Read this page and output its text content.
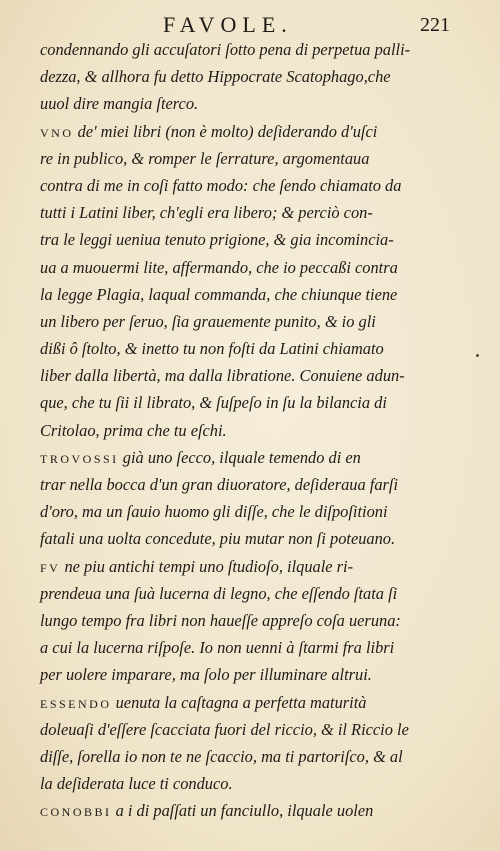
FAVOLE.	221
condennando gli accuſatori ſotto pena di perpetua palli-
dezza, & allhora fu detto Hippocrate Scatophago,che
uuol dire mangia ſterco.
VNO de' miei libri (non è molto) deſiderando d'uſci
re in publico, & romper le ſerrature, argomentaua
contra di me in coſi fatto modo: che ſendo chiamato da
tutti i Latini liber, ch'egli era libero; & perciò con-
tra le leggi ueniua tenuto prigione, & gia incomincia-
ua a muouermi lite, affermando, che io peccaßi contra
la legge Plagia, laqual commanda, che chiunque tiene
un libero per ſeruo, ſia grauemente punito, & io gli
dißi ô ſtolto, & inetto tu non foſti da Latini chiamato
liber dalla libertà, ma dalla libratione. Conuiene adun-
que, che tu ſii il librato, & ſuſpeſo in ſu la bilancia di
Critolao, prima che tu eſchi.
TROVOSSI già uno ſecco, ilquale temendo di en
trar nella bocca d'un gran diuoratore, deſideraua farſi
d'oro, ma un ſauio huomo gli diſſe, che le diſpoſitioni
fatali una uolta concedute, piu mutar non ſi poteuano.
FV ne piu antichi tempi uno ſtudioſo, ilquale ri-
prendeua una ſuà lucerna di legno, che eſſendo ſtata ſi
lungo tempo fra libri non haueſſe appreſo coſa ueruna:
a cui la lucerna riſpoſe. Io non uenni à ſtarmi fra libri
per uolere imparare, ma ſolo per illuminare altrui.
ESSENDO uenuta la caſtagna a perfetta maturità
doleuaſi d'eſſere ſcacciata fuori del riccio, & il Riccio le
diſſe, ſorella io non te ne ſcaccio, ma ti partoriſco, & al
la deſiderata luce ti conduco.
CONOBBI a i di paſſati un fanciullo, ilquale uolen
